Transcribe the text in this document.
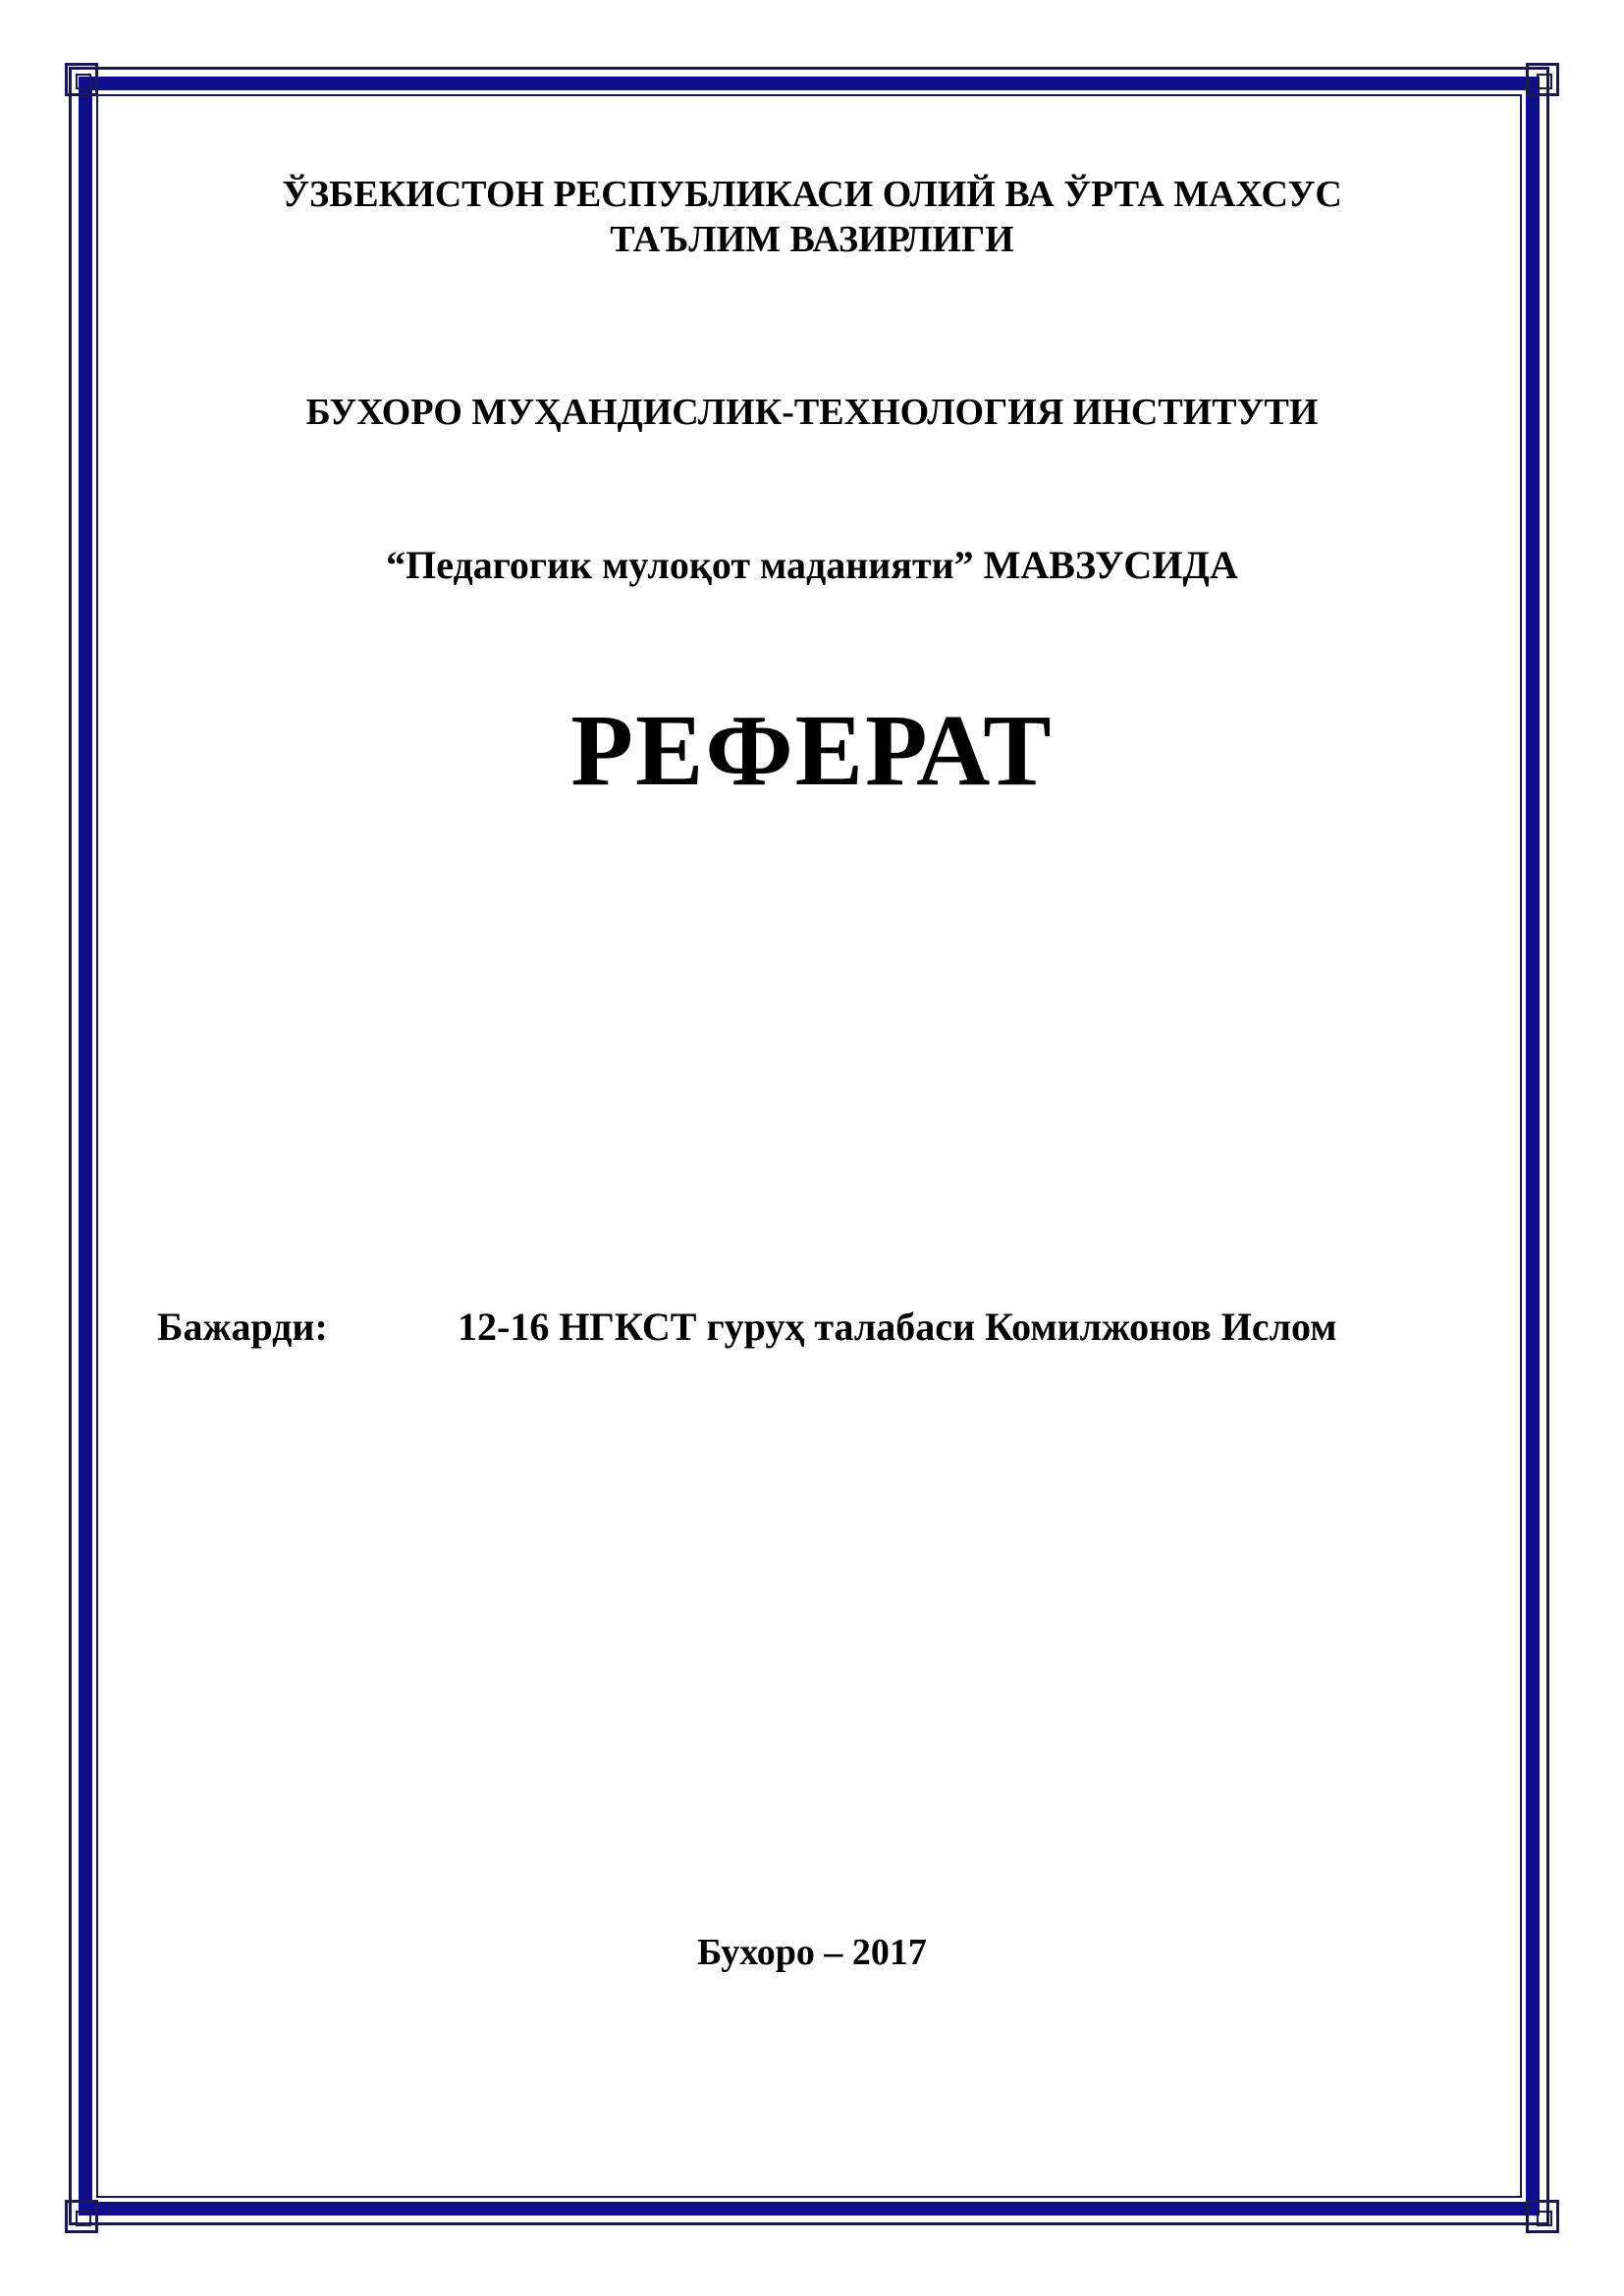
ЎЗБЕКИСТОН РЕСПУБЛИКАСИ ОЛИЙ ВА ЎРТА МАХСУС
ТАЪЛИМ ВАЗИРЛИГИ
БУХОРО МУҲАНДИСЛИК-ТЕХНОЛОГИЯ ИНСТИТУТИ
“Педагогик мулоқот маданияти” МАВЗУСИДА
РЕФЕРАТ
Бажарди:	12-16 НГКСТ гуруҳ талабаси Комилжонов Ислом
Бухоро – 2017
